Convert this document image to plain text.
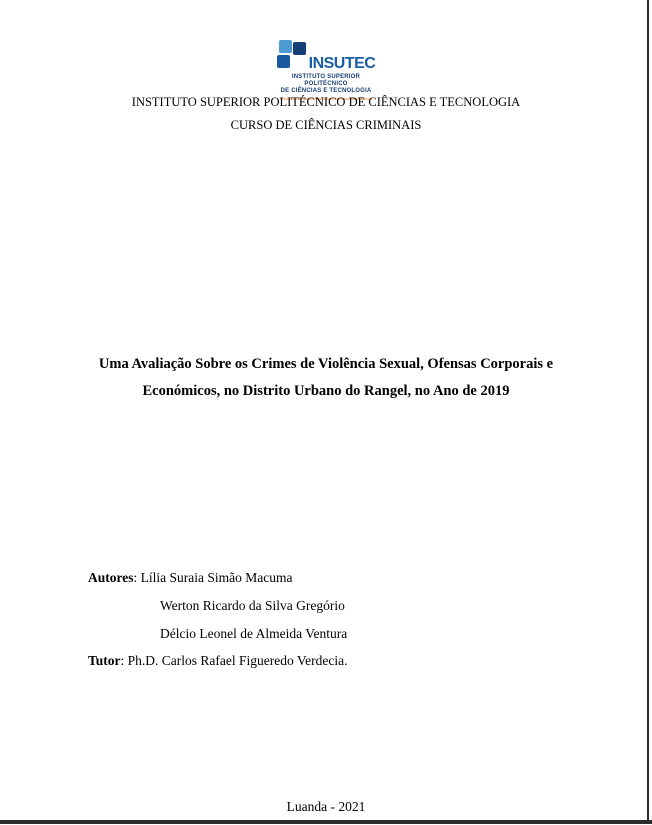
INSUTEC
INSTITUTO SUPERIOR POLITÉCNICO
DE CIÊNCIAS E TECNOLOGIA
INSTITUTO SUPERIOR POLITÉCNICO DE CIÊNCIAS E TECNOLOGIA
CURSO DE CIÊNCIAS CRIMINAIS
Uma Avaliação Sobre os Crimes de Violência Sexual, Ofensas Corporais e
Económicos, no Distrito Urbano do Rangel, no Ano de 2019
Autores: Lília Suraia Simão Macuma
Werton Ricardo da Silva Gregório
Délcio Leonel de Almeida Ventura
Tutor: Ph.D. Carlos Rafael Figueredo Verdecia.
Luanda - 2021
